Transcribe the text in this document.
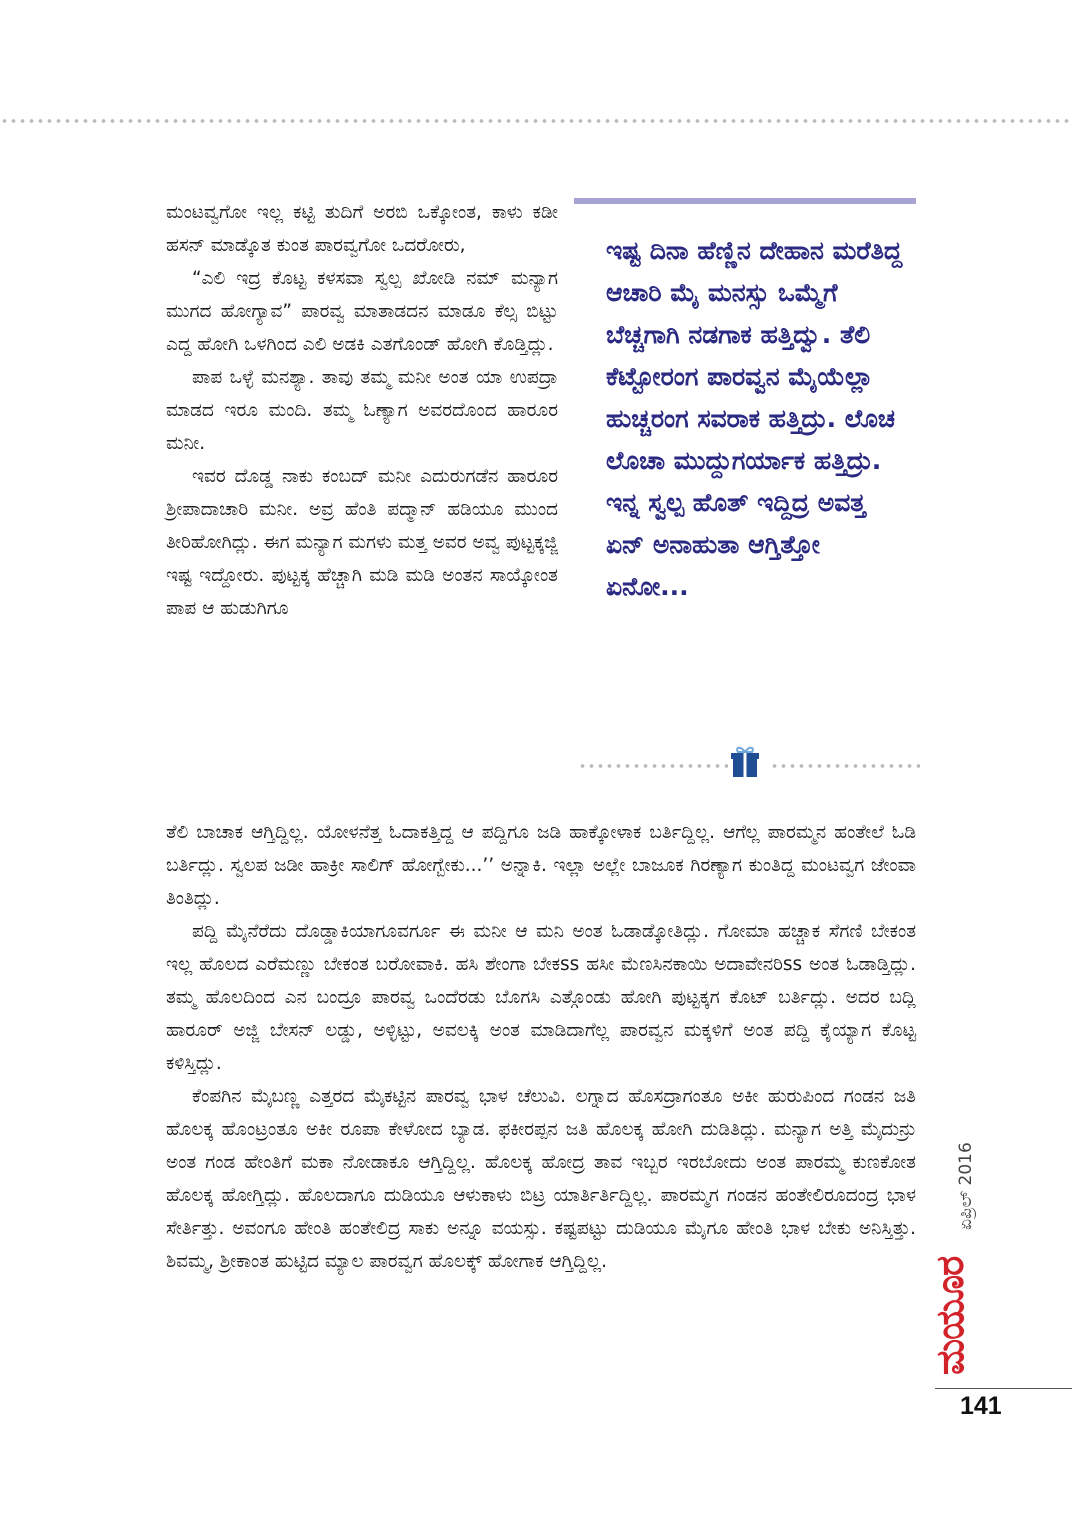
ಮಂಟವ್ವಗೋ ಇಲ್ಲ ಕಟ್ಟಿ ತುದಿಗೆ ಅರಬಿ ಒಕ್ಕೋಂತ, ಕಾಳು ಕಡೀ ಹಸನ್ ಮಾಡ್ಕೊತ ಕುಂತ ಪಾರವ್ವಗೋ ಒದರೋರು,

“ಎಲಿ ಇದ್ರ ಕೊಟ್ಟ ಕಳಸವಾ ಸ್ವಲ್ಪ ಖೋಡಿ ನಮ್ ಮನ್ಯಾಗ ಮುಗದ ಹೋಗ್ಯಾವ” ಪಾರವ್ವ ಮಾತಾಡದನ ಮಾಡೂ ಕೆಲ್ಸ ಬಿಟ್ಟು ಎದ್ದ ಹೋಗಿ ಒಳಗಿಂದ ಎಲಿ ಅಡಕಿ ಎತಗೊಂಡ್ ಹೋಗಿ ಕೊಡ್ತಿದ್ಲು.

ಪಾಪ ಒಳ್ಳೆ ಮನಶ್ಯಾ. ತಾವು ತಮ್ಮ ಮನೀ ಅಂತ ಯಾ ಉಪದ್ರಾ ಮಾಡದ ಇರೂ ಮಂದಿ. ತಮ್ಮ ಓಣ್ಯಾಗ ಅವರದೊಂದ ಹಾರೂರ ಮನೀ.

ಇವರ ದೊಡ್ಡ ನಾಕು ಕಂಬದ್ ಮನೀ ಎದುರುಗಡೆನ ಹಾರೂರ ಶ್ರೀಪಾದಾಚಾರಿ ಮನೀ. ಅವ್ರ ಹೆಂತಿ ಪದ್ಮಾನ್ ಹಡಿಯೂ ಮುಂದ ತೀರಿಹೋಗಿದ್ಲು. ಈಗ ಮನ್ಯಾಗ ಮಗಳು ಮತ್ತ ಅವರ ಅವ್ವ ಪುಟ್ಟಕ್ಕಜ್ಜಿ ಇಷ್ಟ ಇದ್ದೋರು. ಪುಟ್ಟಕ್ಕ ಹೆಚ್ಚಾಗಿ ಮಡಿ ಮಡಿ ಅಂತನ ಸಾಯ್ಕೋಂತ ಪಾಪ ಆ ಹುಡುಗಿಗೂ

ಇಷ್ಟ ದಿನಾ ಹೆಣ್ಣಿನ ದೇಹಾನ ಮರೆತಿದ್ದ ಆಚಾರಿ ಮೈ ಮನಸ್ಸು ಒಮ್ಮೆಗೆ ಬೆಚ್ಚಗಾಗಿ ನಡಗಾಕ ಹತ್ತಿದ್ವು. ತೆಲಿ ಕೆಟ್ಟೋರಂಗ ಪಾರವ್ವನ ಮೈಯೆಲ್ಲಾ ಹುಚ್ಚರಂಗ ಸವರಾಕ ಹತ್ತಿದ್ರು. ಲೊಚ ಲೊಚಾ ಮುದ್ದುಗರ್ಯಾಕ ಹತ್ತಿದ್ರು. ಇನ್ನ ಸ್ವಲ್ಪ ಹೊತ್ ಇದ್ದಿದ್ರ ಅವತ್ತ ಏನ್ ಅನಾಹುತಾ ಆಗ್ತಿತ್ತೋ ಏನೋ...

ತೆಲಿ ಬಾಚಾಕ ಆಗ್ತಿದ್ದಿಲ್ಲ. ಯೋಳನೆತ್ತ ಓದಾಕತ್ತಿದ್ದ ಆ ಪದ್ದಿಗೂ ಜಡಿ ಹಾಕ್ಕೋಳಾಕ ಬರ್ತಿದ್ದಿಲ್ಲ. ಆಗೆಲ್ಲ ಪಾರಮ್ಮನ ಹಂತೇಲೆ ಓಡಿ ಬರ್ತಿದ್ಲು. ಸ್ವಲಪ ಜಡೀ ಹಾಕ್ರೀ ಸಾಲಿಗ್ ಹೋಗ್ಬೇಕು...’’ ಅನ್ನಾಕಿ. ಇಲ್ಲಾ ಅಲ್ಲೇ ಬಾಜೂಕ ಗಿರಣ್ಯಾಗ ಕುಂತಿದ್ದ ಮಂಟವ್ವಗ ಜೇಂವಾ ತಿಂತಿದ್ಲು.

ಪದ್ದಿ ಮೈನೆರೆದು ದೊಡ್ಡಾಕಿಯಾಗೂವರ್ಗೂ ಈ ಮನೀ ಆ ಮನಿ ಅಂತ ಓಡಾಡ್ಕೋತಿದ್ಲು. ಗೋಮಾ ಹಚ್ಚಾಕ ಸೆಗಣಿ ಬೇಕಂತ ಇಲ್ಲ ಹೊಲದ ಎರೆಮಣ್ಣು ಬೇಕಂತ ಬರೋವಾಕಿ. ಹಸಿ ಶೇಂಗಾ ಬೇಕss ಹಸೀ ಮೆಣಸಿನಕಾಯಿ ಅದಾವೇನರಿss ಅಂತ ಓಡಾಡ್ತಿದ್ಲು. ತಮ್ಮ ಹೊಲದಿಂದ ಎನ ಬಂದ್ರೂ ಪಾರವ್ವ ಒಂದೆರಡು ಬೊಗಸಿ ಎತ್ಗೊಂಡು ಹೋಗಿ ಪುಟ್ಟಕ್ಕಗ ಕೊಟ್ ಬರ್ತಿದ್ಲು. ಅದರ ಬದ್ಲಿ ಹಾರೂರ್ ಅಜ್ಜಿ ಬೇಸನ್ ಲಡ್ಡು, ಅಳ್ಳಿಟ್ಟು, ಅವಲಕ್ಕಿ ಅಂತ ಮಾಡಿದಾಗೆಲ್ಲ ಪಾರವ್ವನ ಮಕ್ಕಳಿಗೆ ಅಂತ ಪದ್ದಿ ಕೈಯ್ಯಾಗ ಕೊಟ್ಟ ಕಳಿಸ್ತಿದ್ಲು.

ಕೆಂಪಗಿನ ಮೈಬಣ್ಣ ಎತ್ತರದ ಮೈಕಟ್ಟಿನ ಪಾರವ್ವ ಭಾಳ ಚೆಲುವಿ. ಲಗ್ನಾದ ಹೊಸದ್ರಾಗಂತೂ ಅಕೀ ಹುರುಪಿಂದ ಗಂಡನ ಜತಿ ಹೊಲಕ್ಕ ಹೊಂಟ್ರಂತೂ ಅಕೀ ರೂಪಾ ಕೇಳೋದ ಬ್ಯಾಡ. ಫಕೀರಪ್ಪನ ಜತಿ ಹೊಲಕ್ಕ ಹೋಗಿ ದುಡಿತಿದ್ಲು. ಮನ್ಯಾಗ ಅತ್ತಿ ಮೈದುನ್ರು ಅಂತ ಗಂಡ ಹೇಂತಿಗೆ ಮಕಾ ನೋಡಾಕೂ ಆಗ್ತಿದ್ದಿಲ್ಲ. ಹೊಲಕ್ಕ ಹೋದ್ರ ತಾವ ಇಬ್ಬರ ಇರಬೋದು ಅಂತ ಪಾರಮ್ಮ ಕುಣಕೋತ ಹೊಲಕ್ಕ ಹೋಗ್ತಿದ್ಲು. ಹೊಲದಾಗೂ ದುಡಿಯೂ ಆಳುಕಾಳು ಬಿಟ್ರ ಯಾರ್ತಿರ್ತಿದ್ದಿಲ್ಲ. ಪಾರಮ್ಮಗ ಗಂಡನ ಹಂತೇಲಿರೂದಂದ್ರ ಭಾಳ ಸೇರ್ತಿತ್ತು. ಅವಂಗೂ ಹೇಂತಿ ಹಂತೇಲಿದ್ರ ಸಾಕು ಅನ್ನೂ ವಯಸ್ಸು. ಕಷ್ಟಪಟ್ಟು ದುಡಿಯೂ ಮೈಗೂ ಹೇಂತಿ ಭಾಳ ಬೇಕು ಅನಿಸ್ತಿತ್ತು. ಶಿವಮ್ಮ, ಶ್ರೀಕಾಂತ ಹುಟ್ಟಿದ ಮ್ಯಾಲ ಪಾರವ್ವಗ ಹೊಲಕ್ಕ್ ಹೋಗಾಕ ಆಗ್ತಿದ್ದಿಲ್ಲ.

ಏಪ್ರಿಲ್ 2016
ಮಯೂರ
141
